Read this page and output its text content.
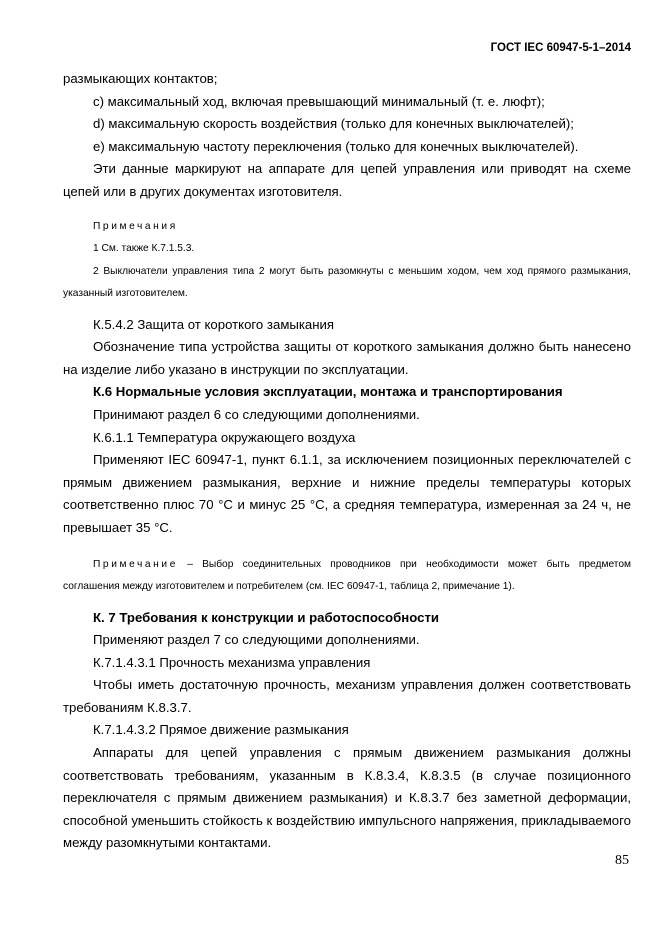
ГОСТ IEC 60947-5-1–2014

размыкающих контактов;

c) максимальный ход, включая превышающий минимальный (т. е. люфт);

d) максимальную скорость воздействия (только для конечных выключателей);

e) максимальную частоту переключения (только для конечных выключателей).

Эти данные маркируют на аппарате для цепей управления или приводят на схеме цепей или в других документах изготовителя.

Примечания

1 См. также К.7.1.5.3.

2 Выключатели управления типа 2 могут быть разомкнуты с меньшим ходом, чем ход прямого размыкания, указанный изготовителем.

К.5.4.2 Защита от короткого замыкания

Обозначение типа устройства защиты от короткого замыкания должно быть нанесено на изделие либо указано в инструкции по эксплуатации.

К.6 Нормальные условия эксплуатации, монтажа и транспортирования

Принимают раздел 6 со следующими дополнениями.

К.6.1.1 Температура окружающего воздуха

Применяют IEC 60947-1, пункт 6.1.1, за исключением позиционных переключателей с прямым движением размыкания, верхние и нижние пределы температуры которых соответственно плюс 70 °C и минус 25 °C, а средняя температура, измеренная за 24 ч, не превышает 35 °C.

Примечание – Выбор соединительных проводников при необходимости может быть предметом соглашения между изготовителем и потребителем (см. IEC 60947-1, таблица 2, примечание 1).

К. 7 Требования к конструкции и работоспособности

Применяют раздел 7 со следующими дополнениями.

К.7.1.4.3.1 Прочность механизма управления

Чтобы иметь достаточную прочность, механизм управления должен соответствовать требованиям К.8.3.7.

К.7.1.4.3.2 Прямое движение размыкания

Аппараты для цепей управления с прямым движением размыкания должны соответствовать требованиям, указанным в К.8.3.4, К.8.3.5 (в случае позиционного переключателя с прямым движением размыкания) и К.8.3.7 без заметной деформации, способной уменьшить стойкость к воздействию импульсного напряжения, прикладываемого между разомкнутыми контактами.

85
